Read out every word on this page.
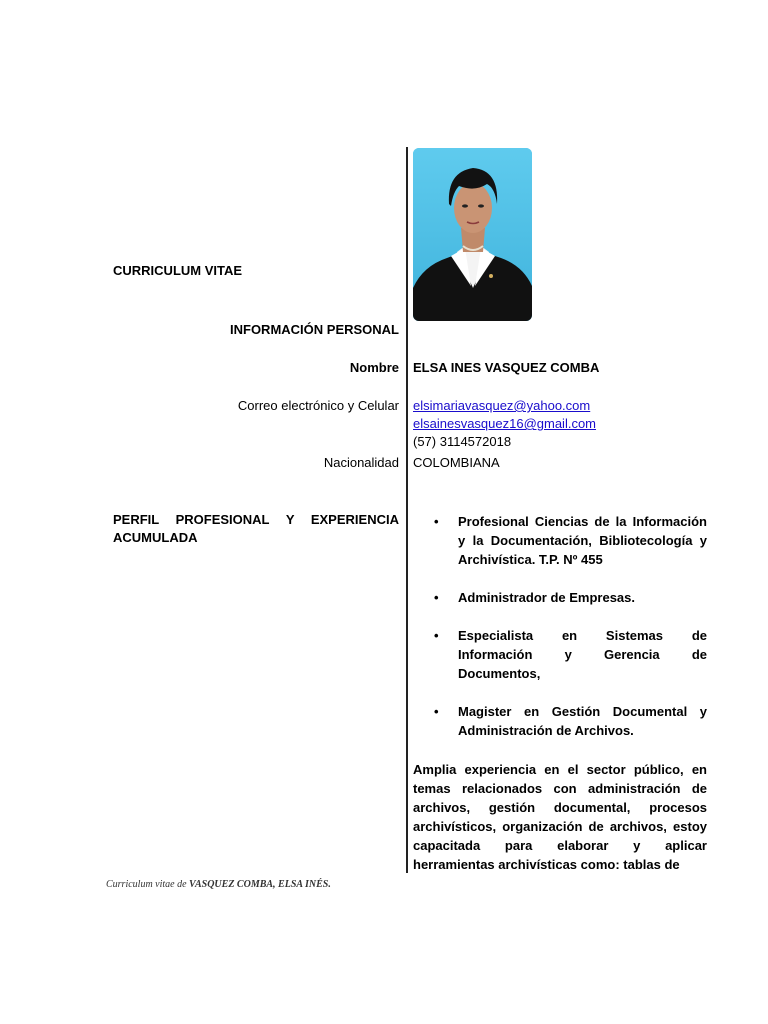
CURRICULUM VITAE
INFORMACIÓN PERSONAL
Nombre
Correo electrónico y Celular
Nacionalidad
PERFIL PROFESIONAL Y EXPERIENCIA
ACUMULADA
ELSA INES VASQUEZ COMBA
elsimariavasquez@yahoo.com
elsainesvasquez16@gmail.com
(57) 3114572018
COLOMBIANA
• Profesional Ciencias de la Información y la Documentación, Bibliotecología y Archivística. T.P. Nº 455
• Administrador de Empresas.
• Especialista en Sistemas de Información y Gerencia de Documentos,
• Magister en Gestión Documental y Administración de Archivos.
Amplia experiencia en el sector público, en temas relacionados con administración de archivos, gestión documental, procesos archivísticos, organización de archivos, estoy capacitada para elaborar y aplicar herramientas archivísticas como: tablas de
Curriculum vitae de VASQUEZ COMBA, ELSA INÉS.
